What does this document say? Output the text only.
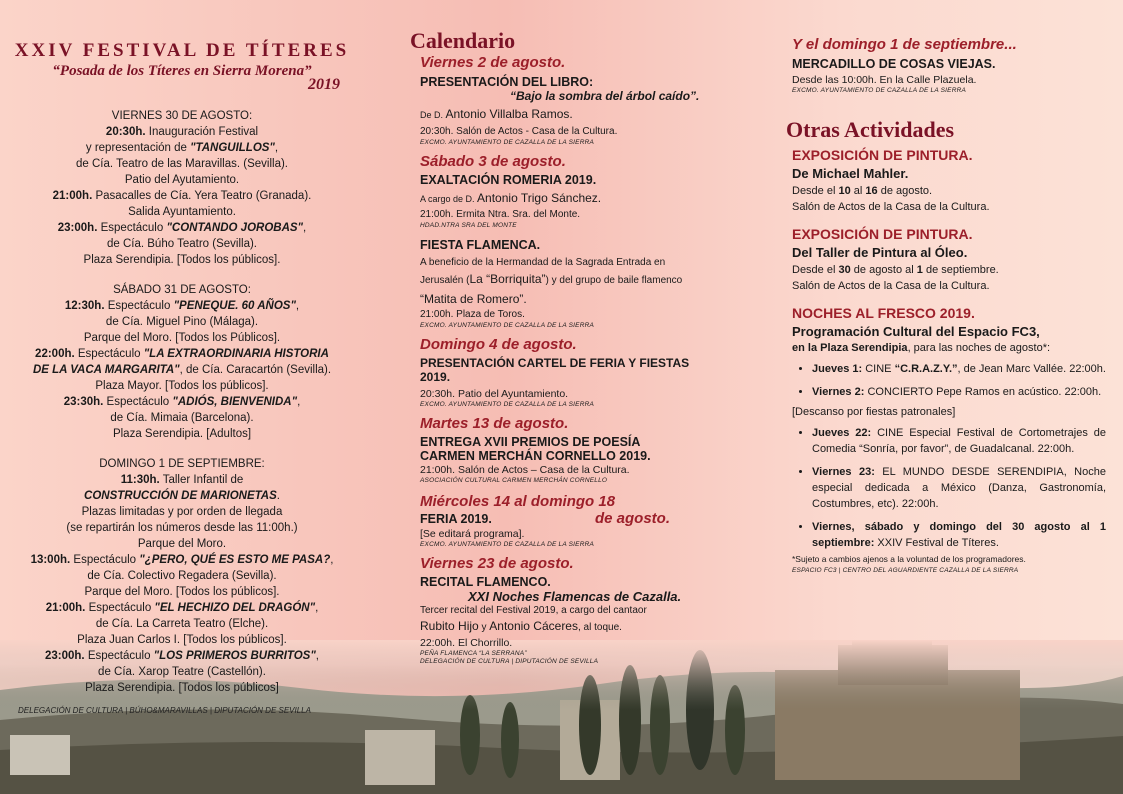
XXIV FESTIVAL DE TÍTERES
“Posada de los Títeres en Sierra Morena”
2019
VIERNES 30 DE AGOSTO:
20:30h. Inauguración Festival
y representación de "TANGUILLOS",
de Cía. Teatro de las Maravillas. (Sevilla).
Patio del Ayutamiento.
21:00h. Pasacalles de Cía. Yera Teatro (Granada).
Salida Ayuntamiento.
23:00h. Espectáculo "CONTANDO JOROBAS",
de Cía. Búho Teatro (Sevilla).
Plaza Serendipia. [Todos los públicos].
SÁBADO 31 DE AGOSTO:
12:30h. Espectáculo "PENEQUE. 60 AÑOS",
de Cía. Miguel Pino (Málaga).
Parque del Moro. [Todos los Públicos].
22:00h. Espectáculo "LA EXTRAORDINARIA HISTORIA
DE LA VACA MARGARITA", de Cía. Caracartón (Sevilla).
Plaza Mayor. [Todos los públicos].
23:30h. Espectáculo "ADIÓS, BIENVENIDA",
de Cía. Mimaia (Barcelona).
Plaza Serendipia. [Adultos]
DOMINGO 1 DE SEPTIEMBRE:
11:30h. Taller Infantil de
CONSTRUCCIÓN DE MARIONETAS.
Plazas limitadas y por orden de llegada
(se repartirán los números desde las 11:00h.)
Parque del Moro.
13:00h. Espectáculo "¿PERO, QUÉ ES ESTO ME PASA?,
de Cía. Colectivo Regadera (Sevilla).
Parque del Moro. [Todos los públicos].
21:00h. Espectáculo "EL HECHIZO DEL DRAGÓN",
de Cía. La Carreta Teatro (Elche).
Plaza Juan Carlos I. [Todos los públicos].
23:00h. Espectáculo "LOS PRIMEROS BURRITOS",
de Cía. Xarop Teatre (Castellón).
Plaza Serendipia. [Todos los públicos]
DELEGACIÓN DE CULTURA | BÚHO&MARAVILLAS | DIPUTACIÓN DE SEVILLA
Calendario
Viernes 2 de agosto.
PRESENTACIÓN DEL LIBRO:
“Bajo la sombra del árbol caído”.
De D. Antonio Villalba Ramos.
20:30h. Salón de Actos - Casa de la Cultura.
EXCMO. AYUNTAMIENTO DE CAZALLA DE LA SIERRA
Sábado 3 de agosto.
EXALTACIÓN ROMERIA 2019.
A cargo de D. Antonio Trigo Sánchez.
21:00h. Ermita Ntra. Sra. del Monte.
HDAD.NTRA SRA DEL MONTE
FIESTA FLAMENCA.
A beneficio de la Hermandad de la Sagrada Entrada en
Jerusalén (La “Borriquita”) y del grupo de baile flamenco
“Matita de Romero”.
21:00h. Plaza de Toros.
EXCMO. AYUNTAMIENTO DE CAZALLA DE LA SIERRA
Domingo 4 de agosto.
PRESENTACIÓN CARTEL DE FERIA Y FIESTAS 2019.
20:30h. Patio del Ayuntamiento.
EXCMO. AYUNTAMIENTO DE CAZALLA DE LA SIERRA
Martes 13 de agosto.
ENTREGA XVII PREMIOS DE POESÍA
CARMEN MERCHÁN CORNELLO 2019.
21:00h. Salón de Actos – Casa de la Cultura.
ASOCIACIÓN CULTURAL CARMEN MERCHÁN CORNELLO
Miércoles 14 al domingo 18
FERIA 2019.	de agosto.
[Se editará programa].
EXCMO. AYUNTAMIENTO DE CAZALLA DE LA SIERRA
Viernes 23 de agosto.
RECITAL FLAMENCO.
XXI Noches Flamencas de Cazalla.
Tercer recital del Festival 2019, a cargo del cantaor
Rubito Hijo y Antonio Cáceres, al toque.
22:00h. El Chorrillo.
PEÑA FLAMENCA “LA SERRANA”
DELEGACIÓN DE CULTURA | DIPUTACIÓN DE SEVILLA
Y el domingo 1 de septiembre...
MERCADILLO DE COSAS VIEJAS.
Desde las 10:00h. En la Calle Plazuela.
EXCMO. AYUNTAMIENTO DE CAZALLA DE LA SIERRA
Otras Actividades
EXPOSICIÓN DE PINTURA.
De Michael Mahler.
Desde el 10 al 16 de agosto.
Salón de Actos de la Casa de la Cultura.
EXPOSICIÓN DE PINTURA.
Del Taller de Pintura al Óleo.
Desde el 30 de agosto al 1 de septiembre.
Salón de Actos de la Casa de la Cultura.
NOCHES AL FRESCO 2019.
Programación Cultural del Espacio FC3,
en la Plaza Serendipia, para las noches de agosto*:
• Jueves 1: CINE “C.R.A.Z.Y.”, de Jean Marc Vallée. 22:00h.
• Viernes 2: CONCIERTO Pepe Ramos en acústico. 22:00h.
[Descanso por fiestas patronales]
• Jueves 22: CINE Especial Festival de Cortometrajes de Comedia “Sonría, por favor”, de Guadalcanal. 22:00h.
• Viernes 23: EL MUNDO DESDE SERENDIPIA, Noche especial dedicada a México (Danza, Gastronomía, Costumbres, etc). 22:00h.
• Viernes, sábado y domingo del 30 agosto al 1 septiembre: XXIV Festival de Títeres.
*Sujeto a cambios ajenos a la voluntad de los programadores.
ESPACIO FC3 | CENTRO DEL AGUARDIENTE CAZALLA DE LA SIERRA
